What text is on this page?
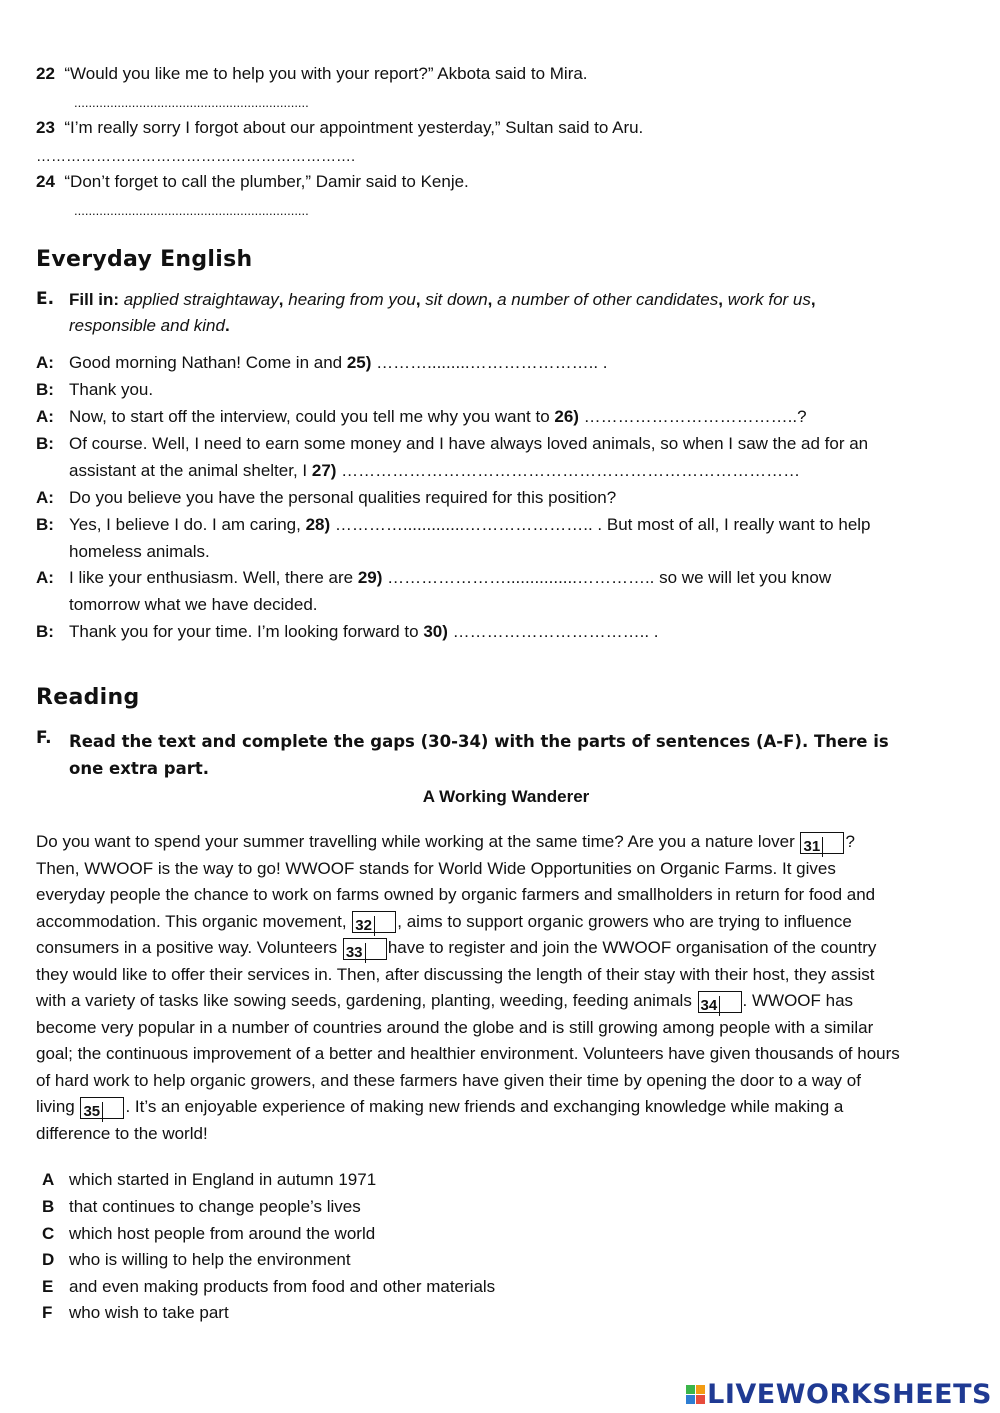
22 “Would you like me to help you with your report?” Akbota said to Mira.
.................................................................
23 “I’m really sorry I forgot about our appointment yesterday,” Sultan said to Aru.
……………………………………………………….
24 “Don’t forget to call the plumber,” Damir said to Kenje.
.................................................................
Everyday English
E. Fill in: applied straightaway, hearing from you, sit down, a number of other candidates, work for us,
responsible and kind.
A: Good morning Nathan! Come in and 25) ……….........………………….. .
B: Thank you.
A: Now, to start off the interview, could you tell me why you want to 26) ………………………………..?
B: Of course. Well, I need to earn some money and I have always loved animals, so when I saw the ad for an
assistant at the animal shelter, I 27) ………………………………………………………………………
A: Do you believe you have the personal qualities required for this position?
B: Yes, I believe I do. I am caring, 28) ………….............………………….. . But most of all, I really want to help
homeless animals.
A: I like your enthusiasm. Well, there are 29) …………………...............………….. so we will let you know
tomorrow what we have decided.
B: Thank you for your time. I’m looking forward to 30) …………………………….. .
Reading
F. Read the text and complete the gaps (30-34) with the parts of sentences (A-F). There is
one extra part.
A Working Wanderer
Do you want to spend your summer travelling while working at the same time? Are you a nature lover 31 ?
Then, WWOOF is the way to go! WWOOF stands for World Wide Opportunities on Organic Farms. It gives
everyday people the chance to work on farms owned by organic farmers and smallholders in return for food and
accommodation. This organic movement, 32 , aims to support organic growers who are trying to influence
consumers in a positive way. Volunteers 33 have to register and join the WWOOF organisation of the country
they would like to offer their services in. Then, after discussing the length of their stay with their host, they assist
with a variety of tasks like sowing seeds, gardening, planting, weeding, feeding animals 34 . WWOOF has
become very popular in a number of countries around the globe and is still growing among people with a similar
goal; the continuous improvement of a better and healthier environment. Volunteers have given thousands of hours
of hard work to help organic growers, and these farmers have given their time by opening the door to a way of
living 35 . It’s an enjoyable experience of making new friends and exchanging knowledge while making a
difference to the world!
A which started in England in autumn 1971
B that continues to change people’s lives
C which host people from around the world
D who is willing to help the environment
E and even making products from food and other materials
F who wish to take part
LIVEWORKSHEETS
